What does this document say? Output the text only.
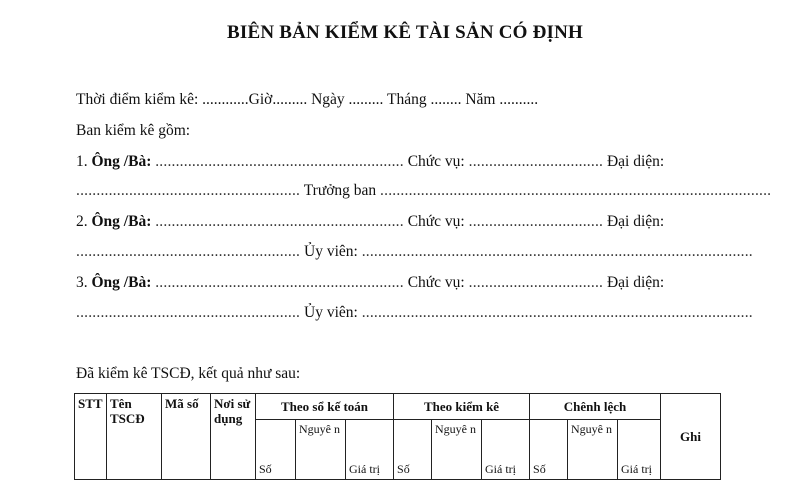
BIÊN BẢN KIỂM KÊ TÀI SẢN CÓ ĐỊNH
Thời điểm kiểm kê: ............Giờ......... Ngày ......... Tháng ........ Năm ..........
Ban kiểm kê gồm:
1. Ông /Bà: ............................................................. Chức vụ: ................................. Đại diện:
....................................................... Trưởng ban ................................................................................................
2. Ông /Bà: ............................................................. Chức vụ: ................................. Đại diện:
....................................................... Ủy viên: ................................................................................................
3. Ông /Bà: ............................................................. Chức vụ: ................................. Đại diện:
....................................................... Ủy viên: ................................................................................................
Đã kiểm kê TSCĐ, kết quả như sau:
STT	Tên TSCĐ	Mã số	Nơi sử dụng	Theo sổ kế toán			Theo kiểm kê			Chênh lệch			Ghi
				Số	Nguyê n	Giá trị	Số	Nguyê n	Giá trị	Số	Nguyê n	Giá trị	
